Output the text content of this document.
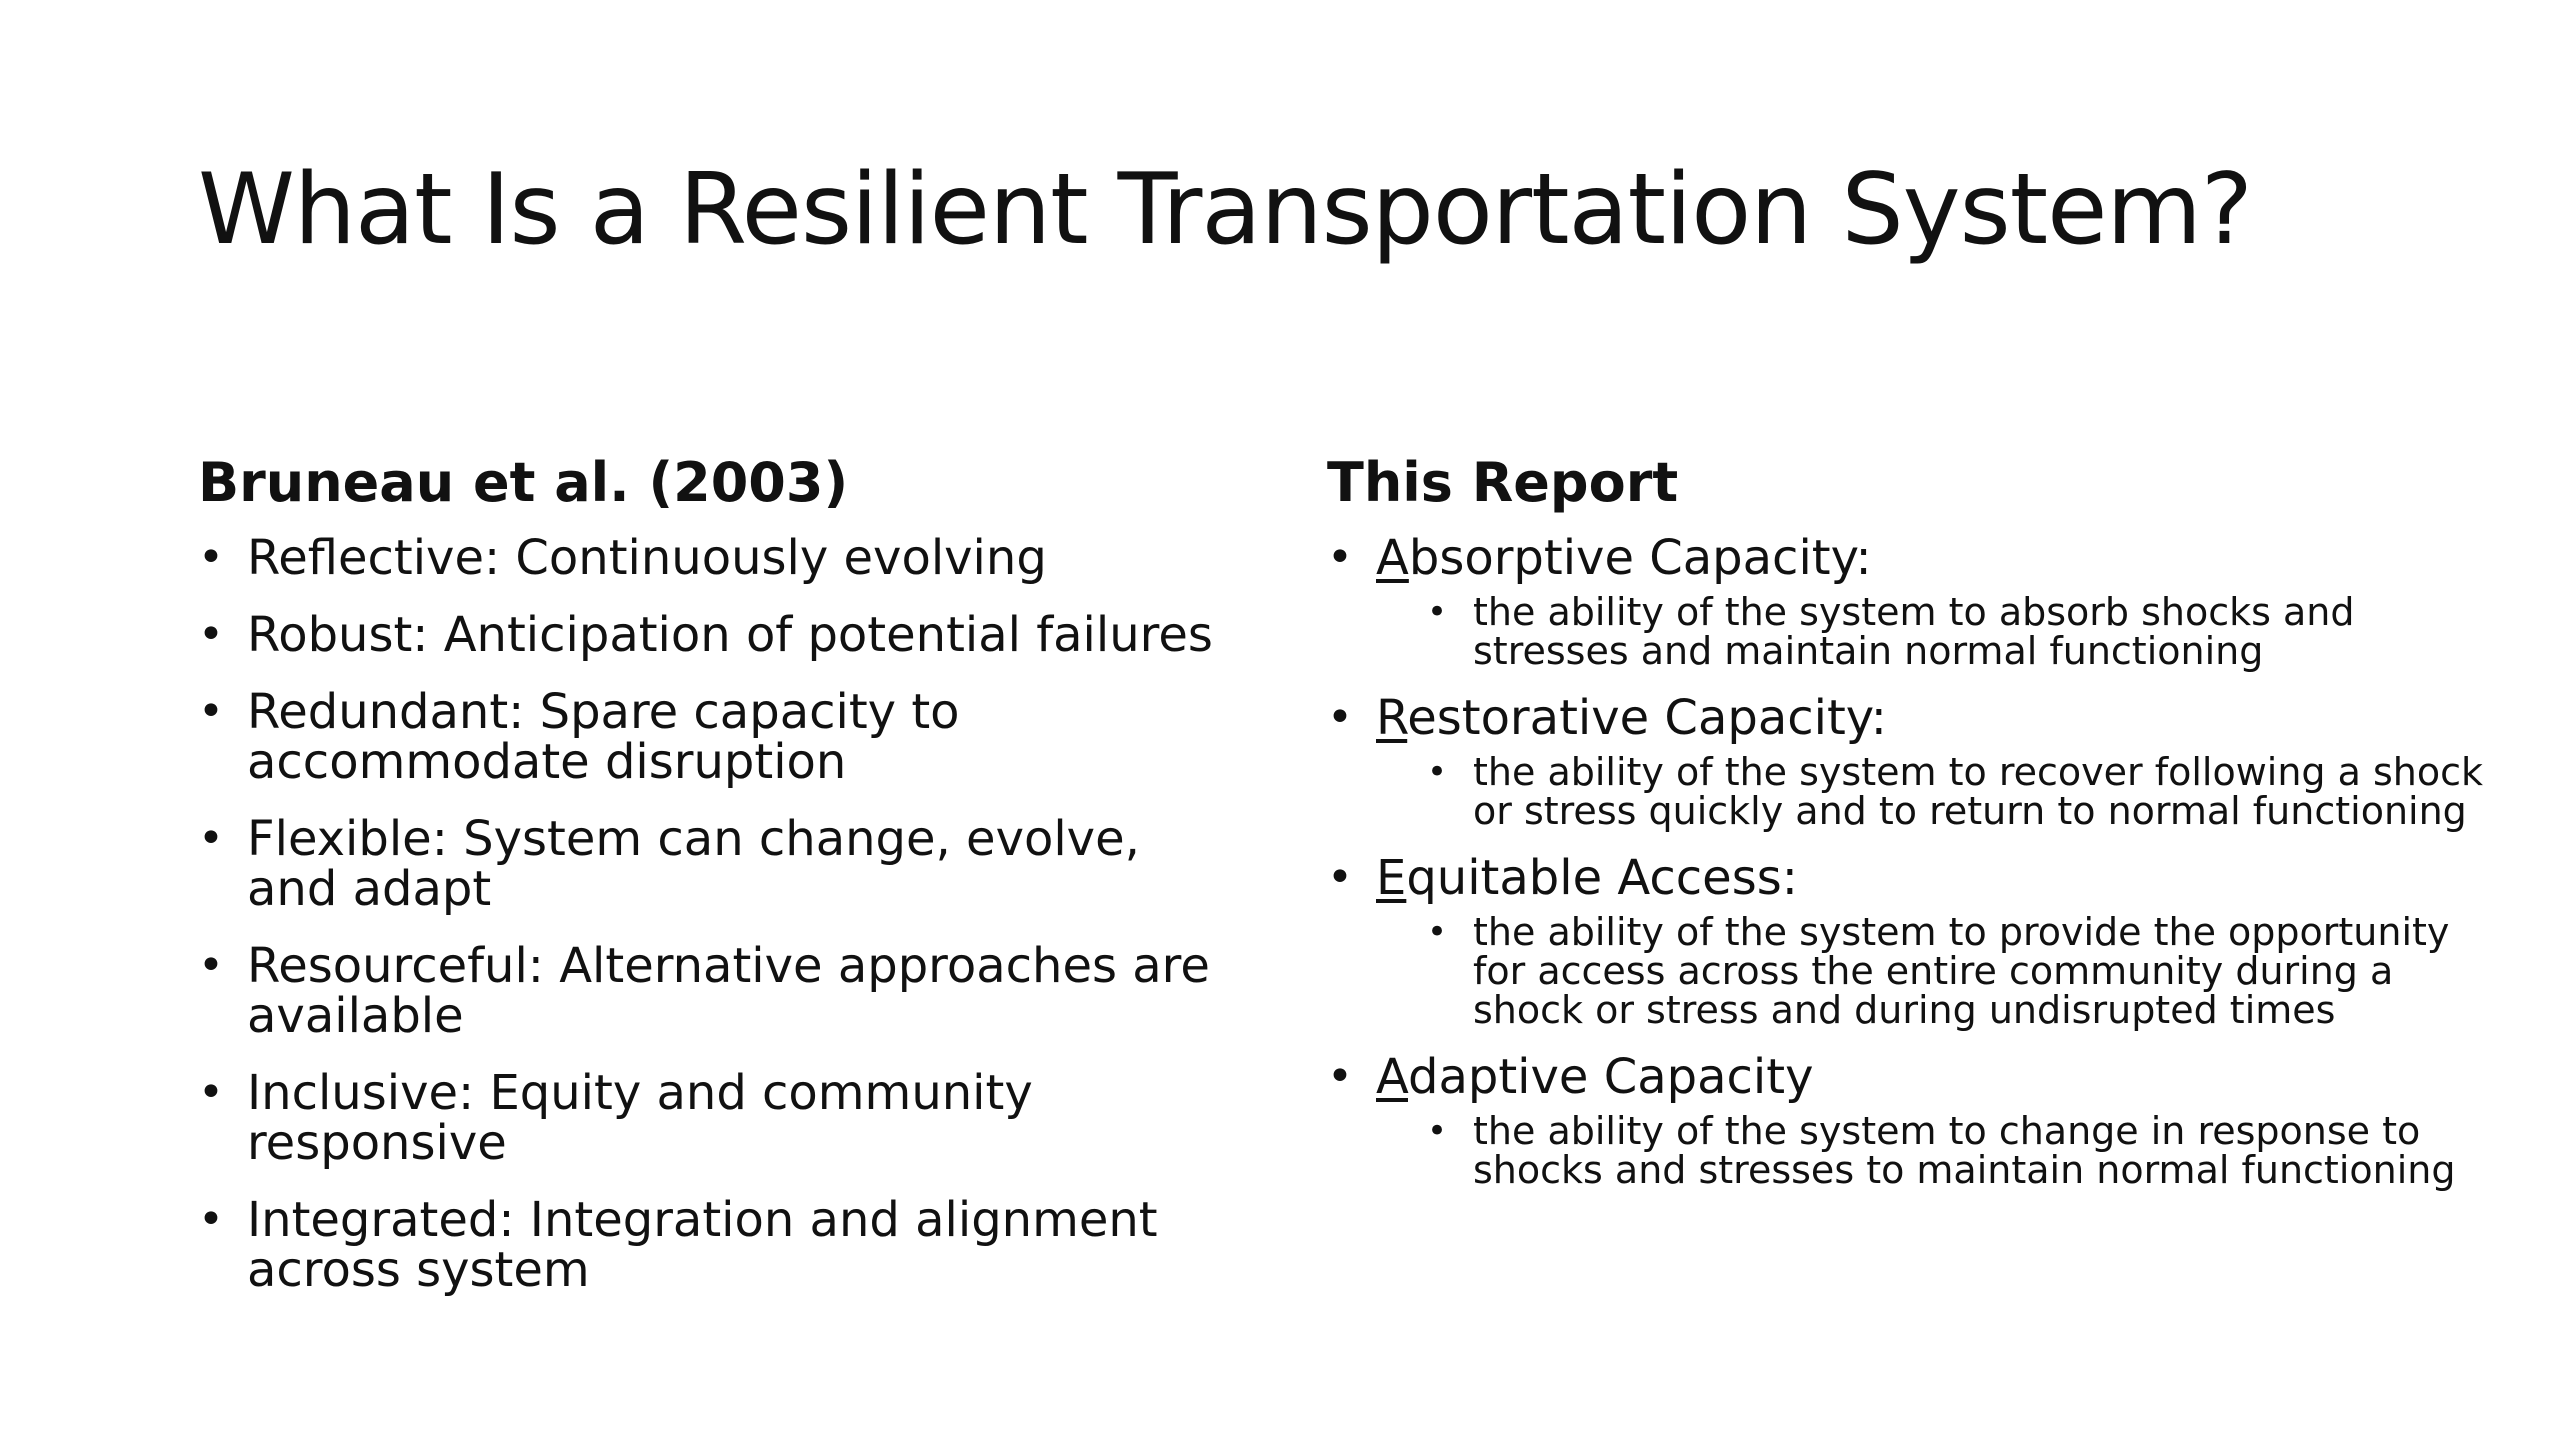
What Is a Resilient Transportation System?
Bruneau et al. (2003)
• Reflective: Continuously evolving
• Robust: Anticipation of potential failures
• Redundant: Spare capacity to accommodate disruption
• Flexible: System can change, evolve, and adapt
• Resourceful: Alternative approaches are available
• Inclusive: Equity and community responsive
• Integrated: Integration and alignment across system
This Report
• Absorptive Capacity:
• the ability of the system to absorb shocks and stresses and maintain normal functioning
• Restorative Capacity:
• the ability of the system to recover following a shock or stress quickly and to return to normal functioning
• Equitable Access:
• the ability of the system to provide the opportunity for access across the entire community during a shock or stress and during undisrupted times
• Adaptive Capacity
• the ability of the system to change in response to shocks and stresses to maintain normal functioning
